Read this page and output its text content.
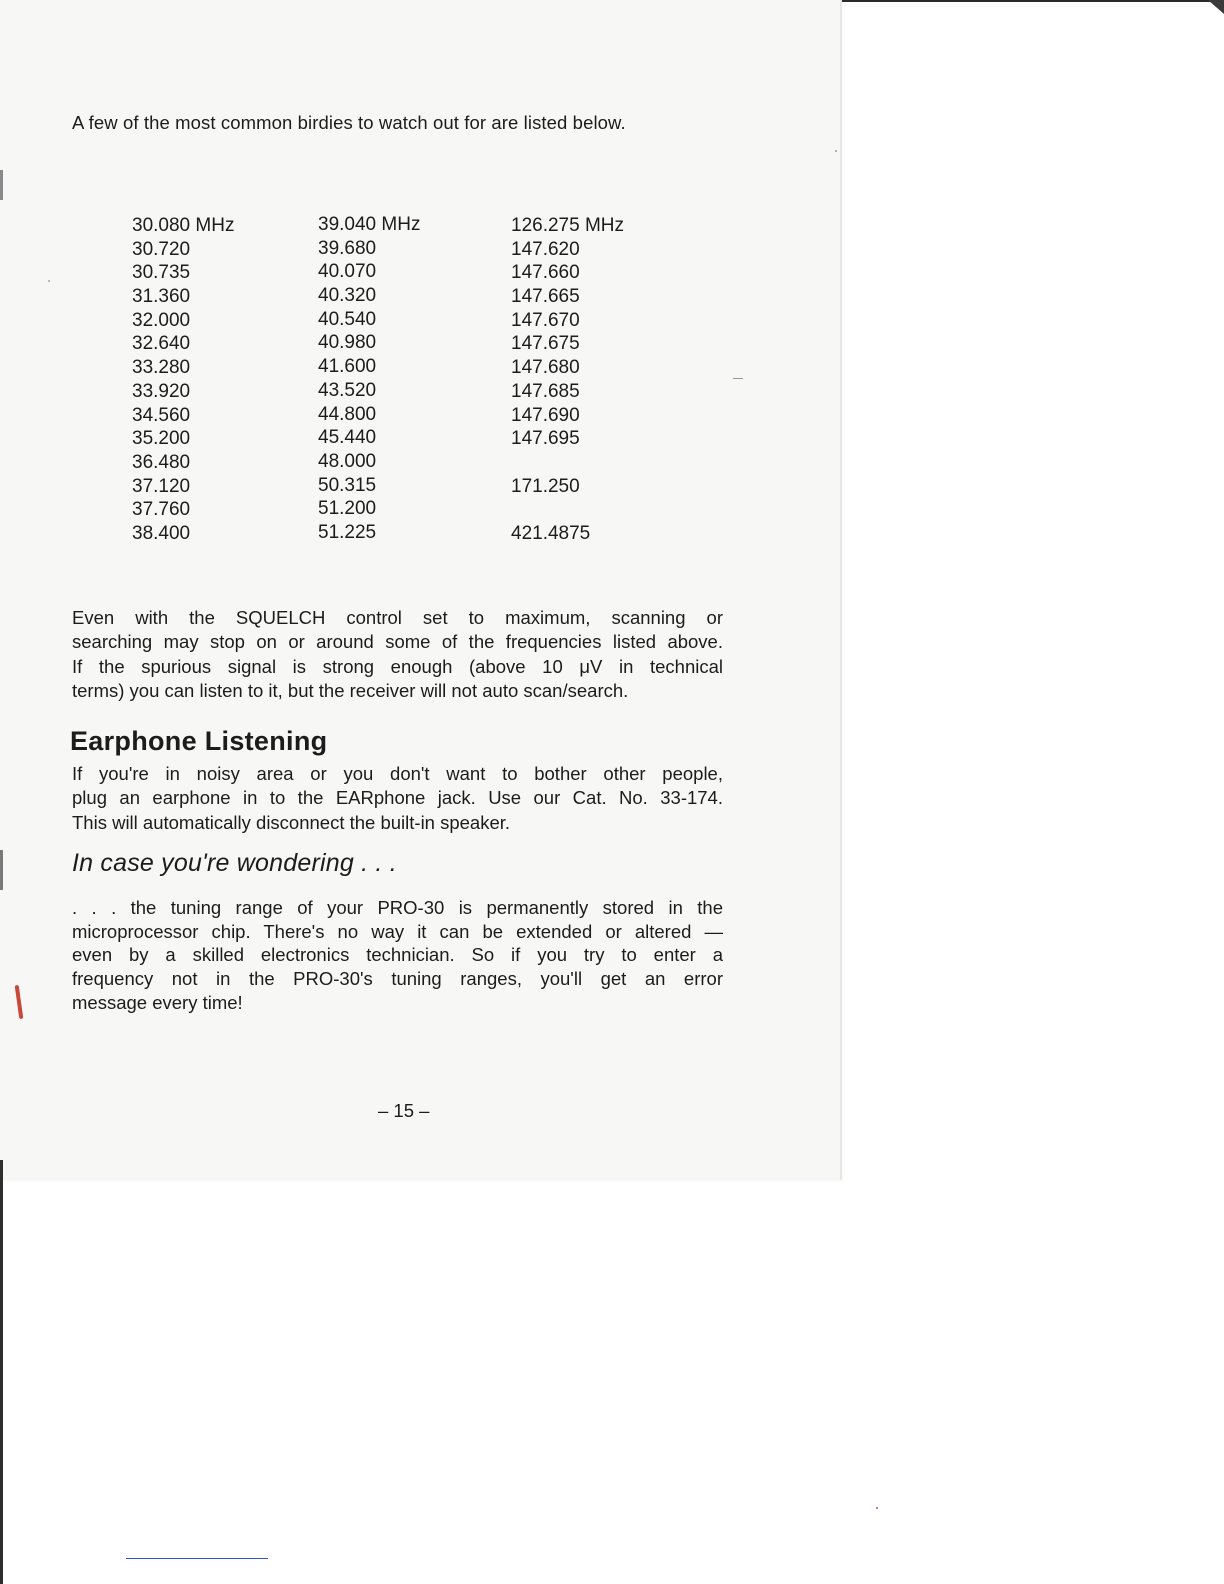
A few of the most common birdies to watch out for are listed below.
30.080 MHz
30.720
30.735
31.360
32.000
32.640
33.280
33.920
34.560
35.200
36.480
37.120
37.760
38.400
39.040 MHz
39.680
40.070
40.320
40.540
40.980
41.600
43.520
44.800
45.440
48.000
50.315
51.200
51.225
126.275 MHz
147.620
147.660
147.665
147.670
147.675
147.680
147.685
147.690
147.695
171.250
421.4875
Even with the SQUELCH control set to maximum, scanning or
searching may stop on or around some of the frequencies listed above.
If the spurious signal is strong enough (above 10 μV in technical
terms) you can listen to it, but the receiver will not auto scan/search.
Earphone Listening
If you're in noisy area or you don't want to bother other people,
plug an earphone in to the EARphone jack. Use our Cat. No. 33-174.
This will automatically disconnect the built-in speaker.
In case you're wondering . . .
. . . the tuning range of your PRO-30 is permanently stored in the
microprocessor chip. There's no way it can be extended or altered —
even by a skilled electronics technician. So if you try to enter a
frequency not in the PRO-30's tuning ranges, you'll get an error
message every time!
– 15 –
